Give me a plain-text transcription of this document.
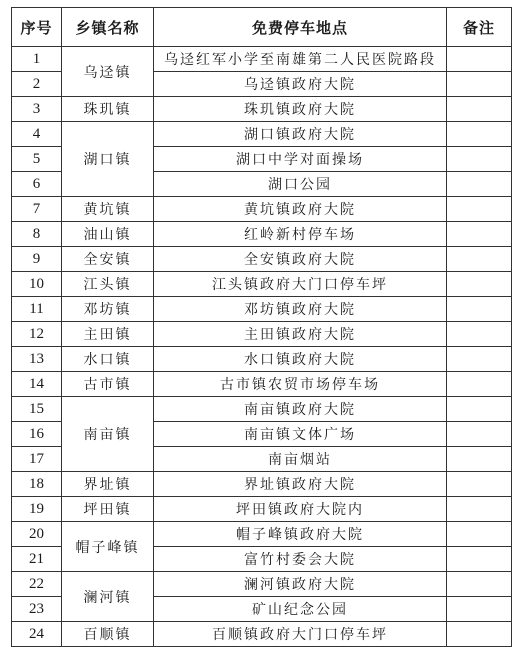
序号	乡镇名称	免费停车地点	备注
1	乌迳镇	乌迳红军小学至南雄第二人民医院路段	
2		乌迳镇政府大院	
3	珠玑镇	珠玑镇政府大院	
4	湖口镇	湖口镇政府大院	
5		湖口中学对面操场	
6		湖口公园	
7	黄坑镇	黄坑镇政府大院	
8	油山镇	红岭新村停车场	
9	全安镇	全安镇政府大院	
10	江头镇	江头镇政府大门口停车坪	
11	邓坊镇	邓坊镇政府大院	
12	主田镇	主田镇政府大院	
13	水口镇	水口镇政府大院	
14	古市镇	古市镇农贸市场停车场	
15	南亩镇	南亩镇政府大院	
16		南亩镇文体广场	
17		南亩烟站	
18	界址镇	界址镇政府大院	
19	坪田镇	坪田镇政府大院内	
20	帽子峰镇	帽子峰镇政府大院	
21		富竹村委会大院	
22	澜河镇	澜河镇政府大院	
23		矿山纪念公园	
24	百顺镇	百顺镇政府大门口停车坪	
